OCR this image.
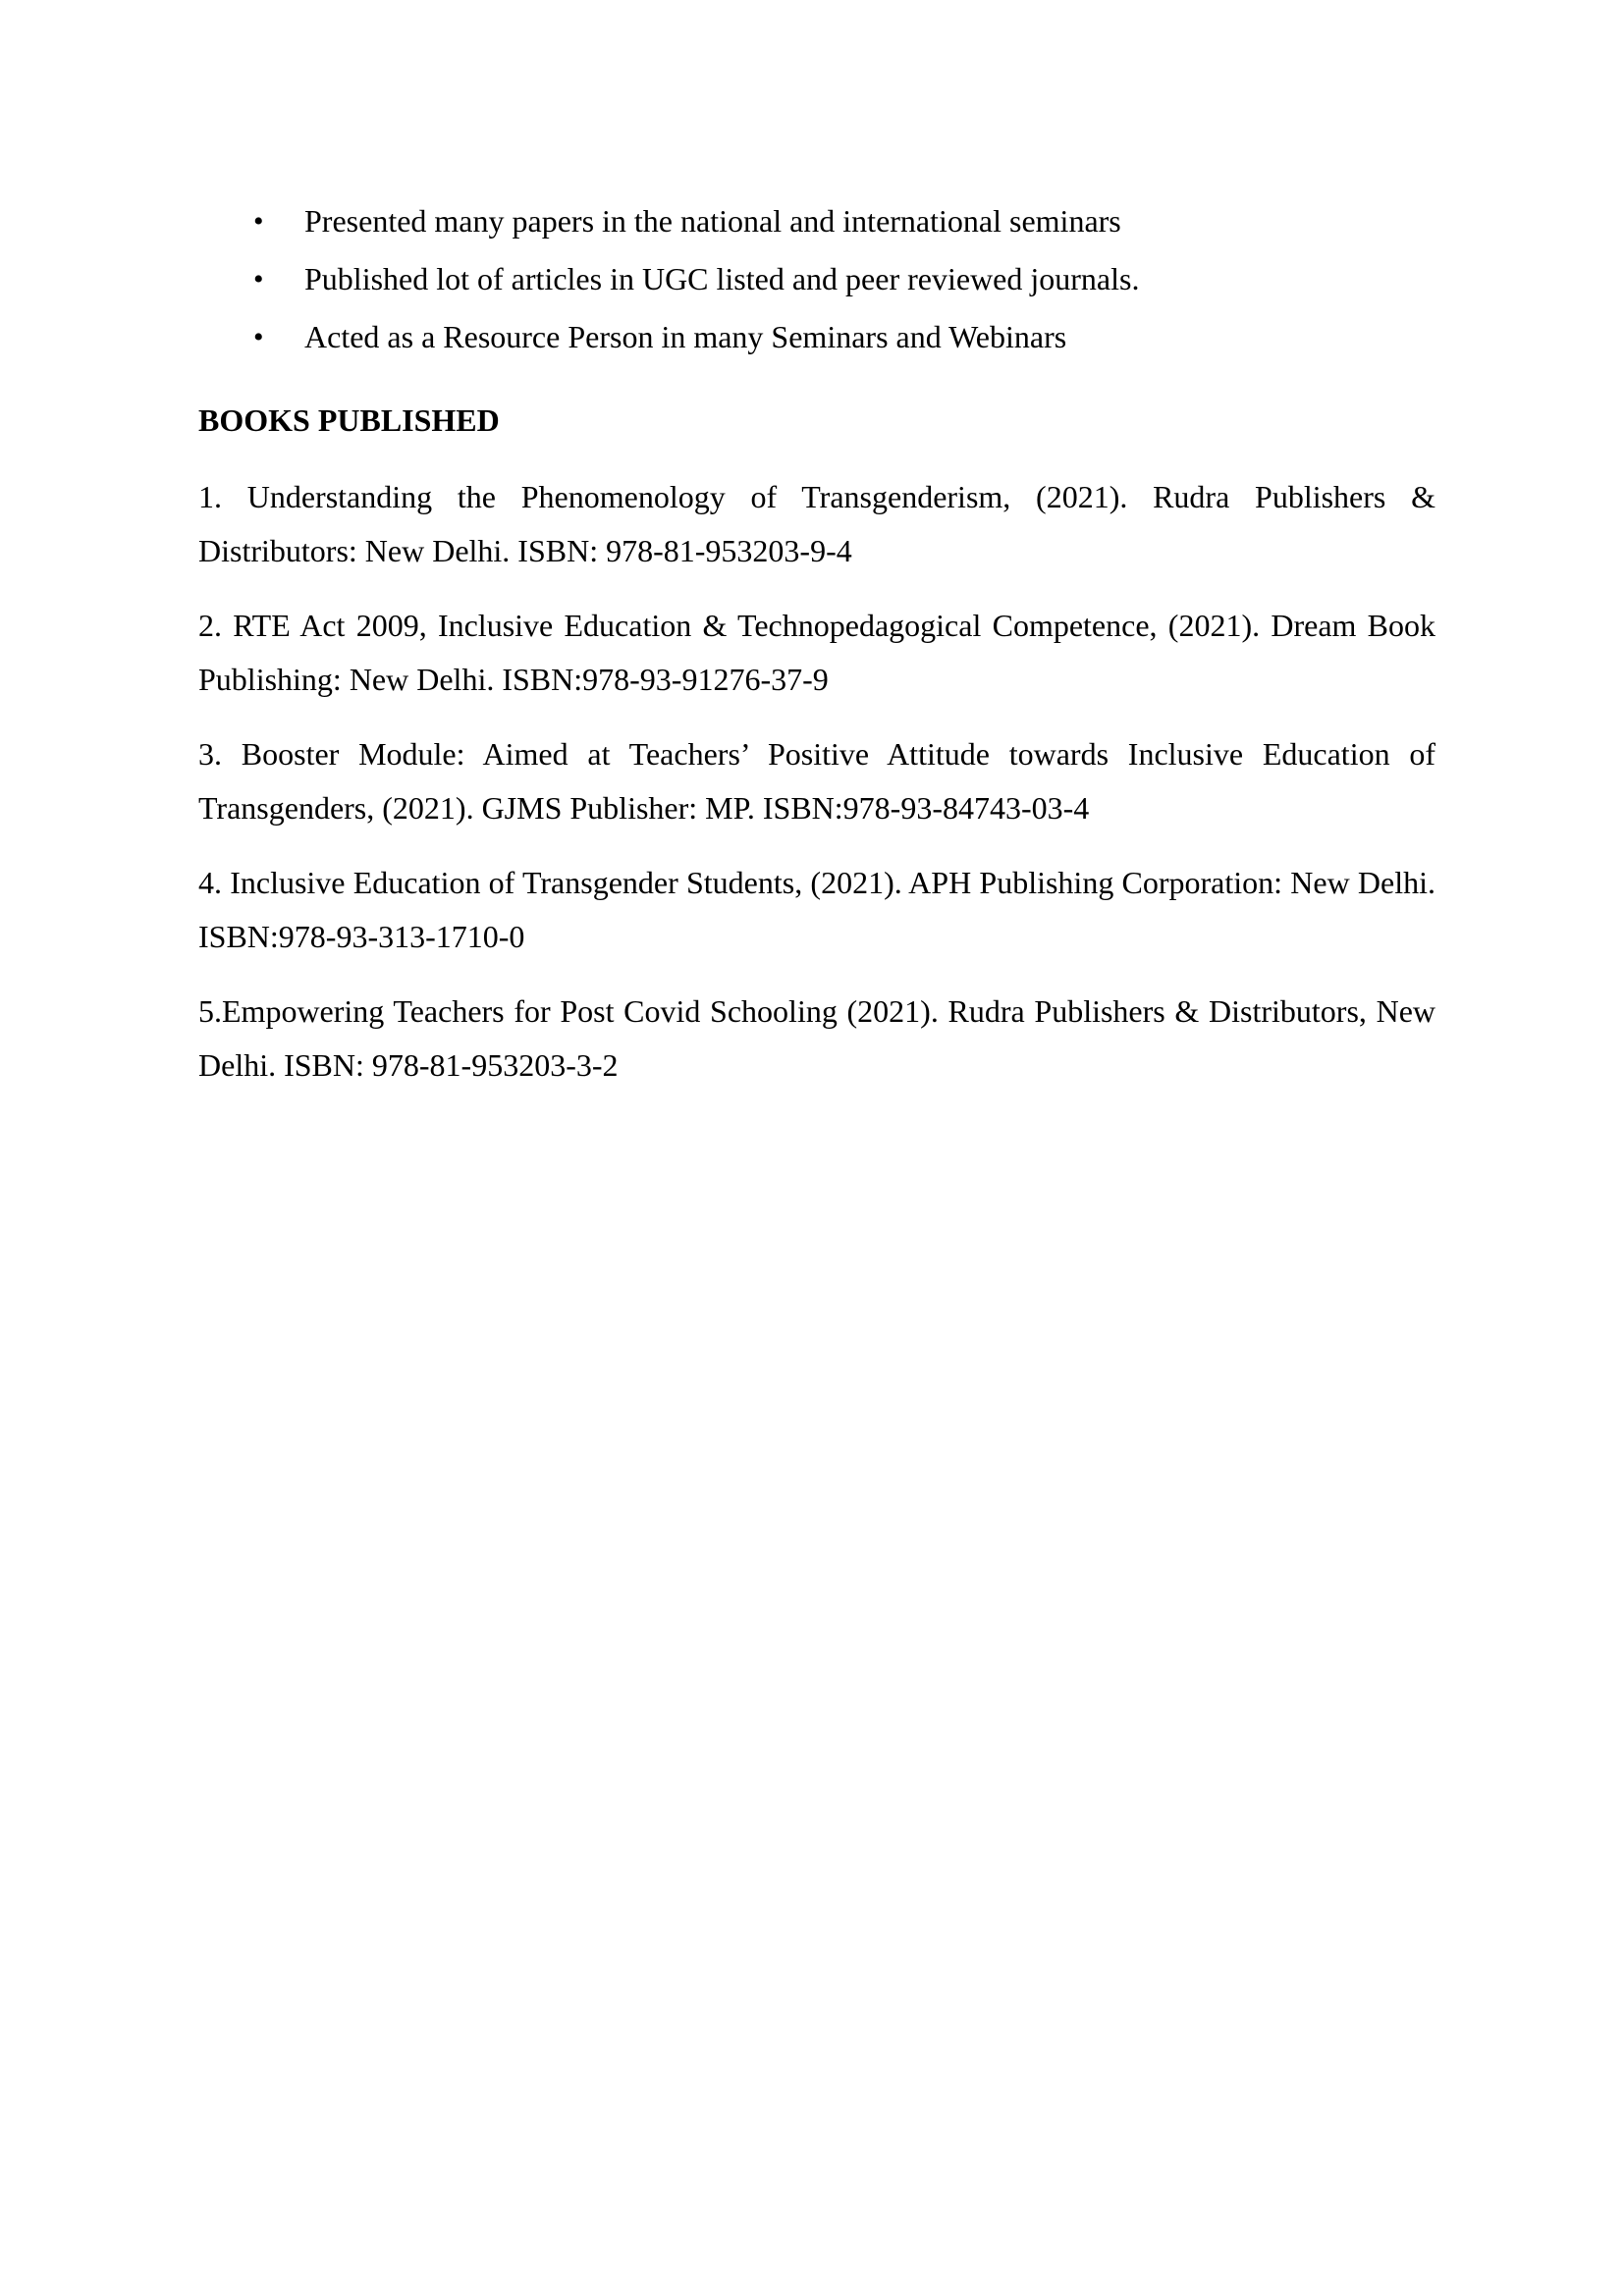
• Presented many papers in the national and international seminars
• Published lot of articles in UGC listed and peer reviewed journals.
• Acted as a Resource Person in many Seminars and Webinars
BOOKS PUBLISHED

1. Understanding the Phenomenology of Transgenderism, (2021). Rudra Publishers & Distributors: New Delhi. ISBN: 978-81-953203-9-4

2. RTE Act 2009, Inclusive Education & Technopedagogical Competence, (2021). Dream Book Publishing: New Delhi. ISBN:978-93-91276-37-9

3. Booster Module: Aimed at Teachers’ Positive Attitude towards Inclusive Education of Transgenders, (2021). GJMS Publisher: MP. ISBN:978-93-84743-03-4

4. Inclusive Education of Transgender Students, (2021). APH Publishing Corporation: New Delhi. ISBN:978-93-313-1710-0

5.Empowering Teachers for Post Covid Schooling (2021). Rudra Publishers & Distributors, New Delhi. ISBN: 978-81-953203-3-2
